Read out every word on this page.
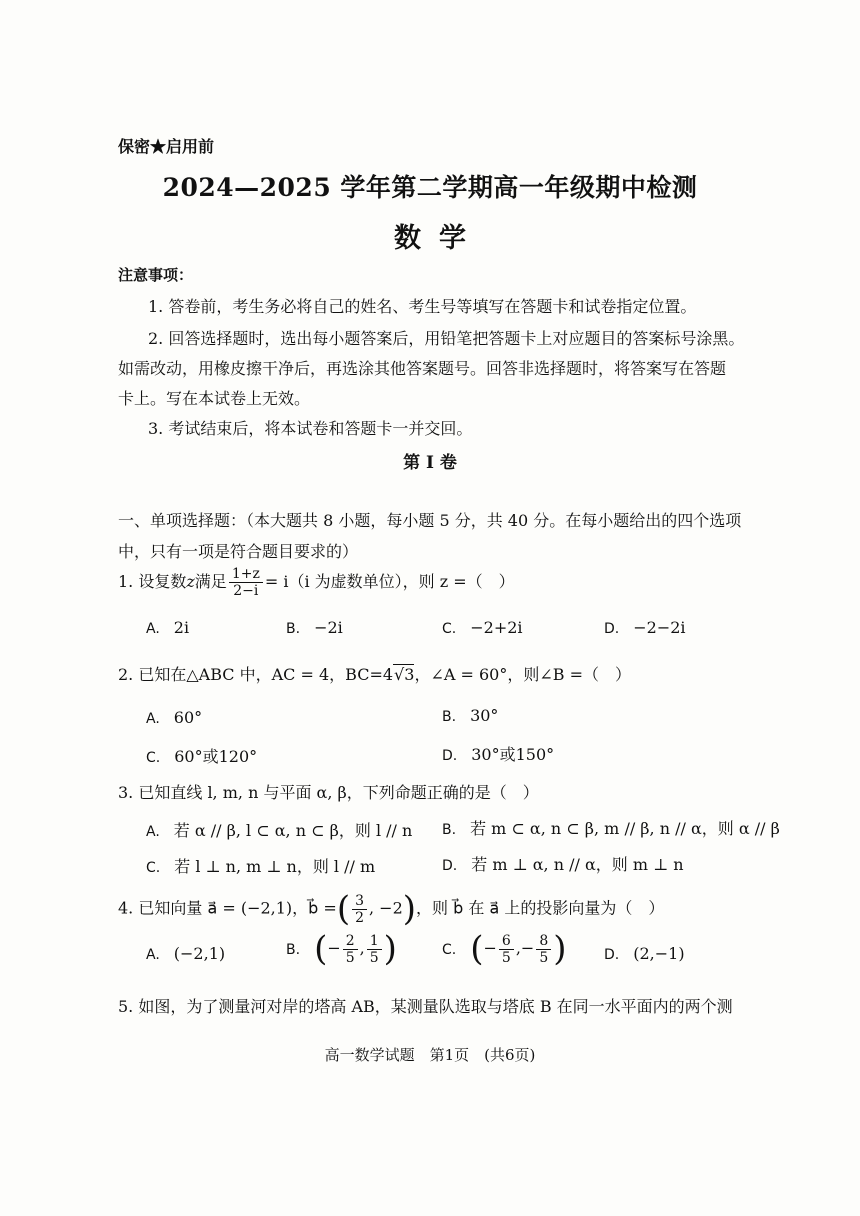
保密★启用前
2024—2025 学年第二学期高一年级期中检测
数学
注意事项：
1. 答卷前，考生务必将自己的姓名、考生号等填写在答题卡和试卷指定位置。
2. 回答选择题时，选出每小题答案后，用铅笔把答题卡上对应题目的答案标号涂黑。
如需改动，用橡皮擦干净后，再选涂其他答案题号。回答非选择题时，将答案写在答题
卡上。写在本试卷上无效。
3. 考试结束后，将本试卷和答题卡一并交回。
第 I 卷
一、单项选择题：（本大题共 8 小题，每小题 5 分，共 40 分。在每小题给出的四个选项
中，只有一项是符合题目要求的）
1. 设复数z满足 $\frac{1+z}{2-i} = i(i$ 为虚数单位），则 z =（　）
A. 2i	B. −2i	C. −2+2i	D. −2−2i
2. 已知在△ABC 中，AC = 4，BC=4√3，∠A = 60°，则∠B =（　）
A. 60°	B. 30°
C. 60°或120°	D. 30°或150°
3. 已知直线 l, m, n 与平面 α, β，下列命题正确的是（　）
A. 若 α // β, l ⊂ α, n ⊂ β，则 l // n B. 若 m ⊂ α, n ⊂ β, m // β, n // α，则 α // β
C. 若 l ⊥ n, m ⊥ n，则 l // m	D. 若 m ⊥ α, n // α，则 m ⊥ n
4. 已知向量 a⃗ = (−2,1)，b⃗ =( $\frac{3}{2}$ , −2)，则 b⃗ 在 a⃗ 上的投影向量为（　）
A. (−2,1)	B. (− $\frac{2}{5}$ , $\frac{1}{5}$ )	C. (− $\frac{6}{5}$ ,− $\frac{8}{5}$ )	D. (2,−1)
5. 如图，为了测量河对岸的塔高 AB，某测量队选取与塔底 B 在同一水平面内的两个测
高一数学试题　第1页　(共6页)
